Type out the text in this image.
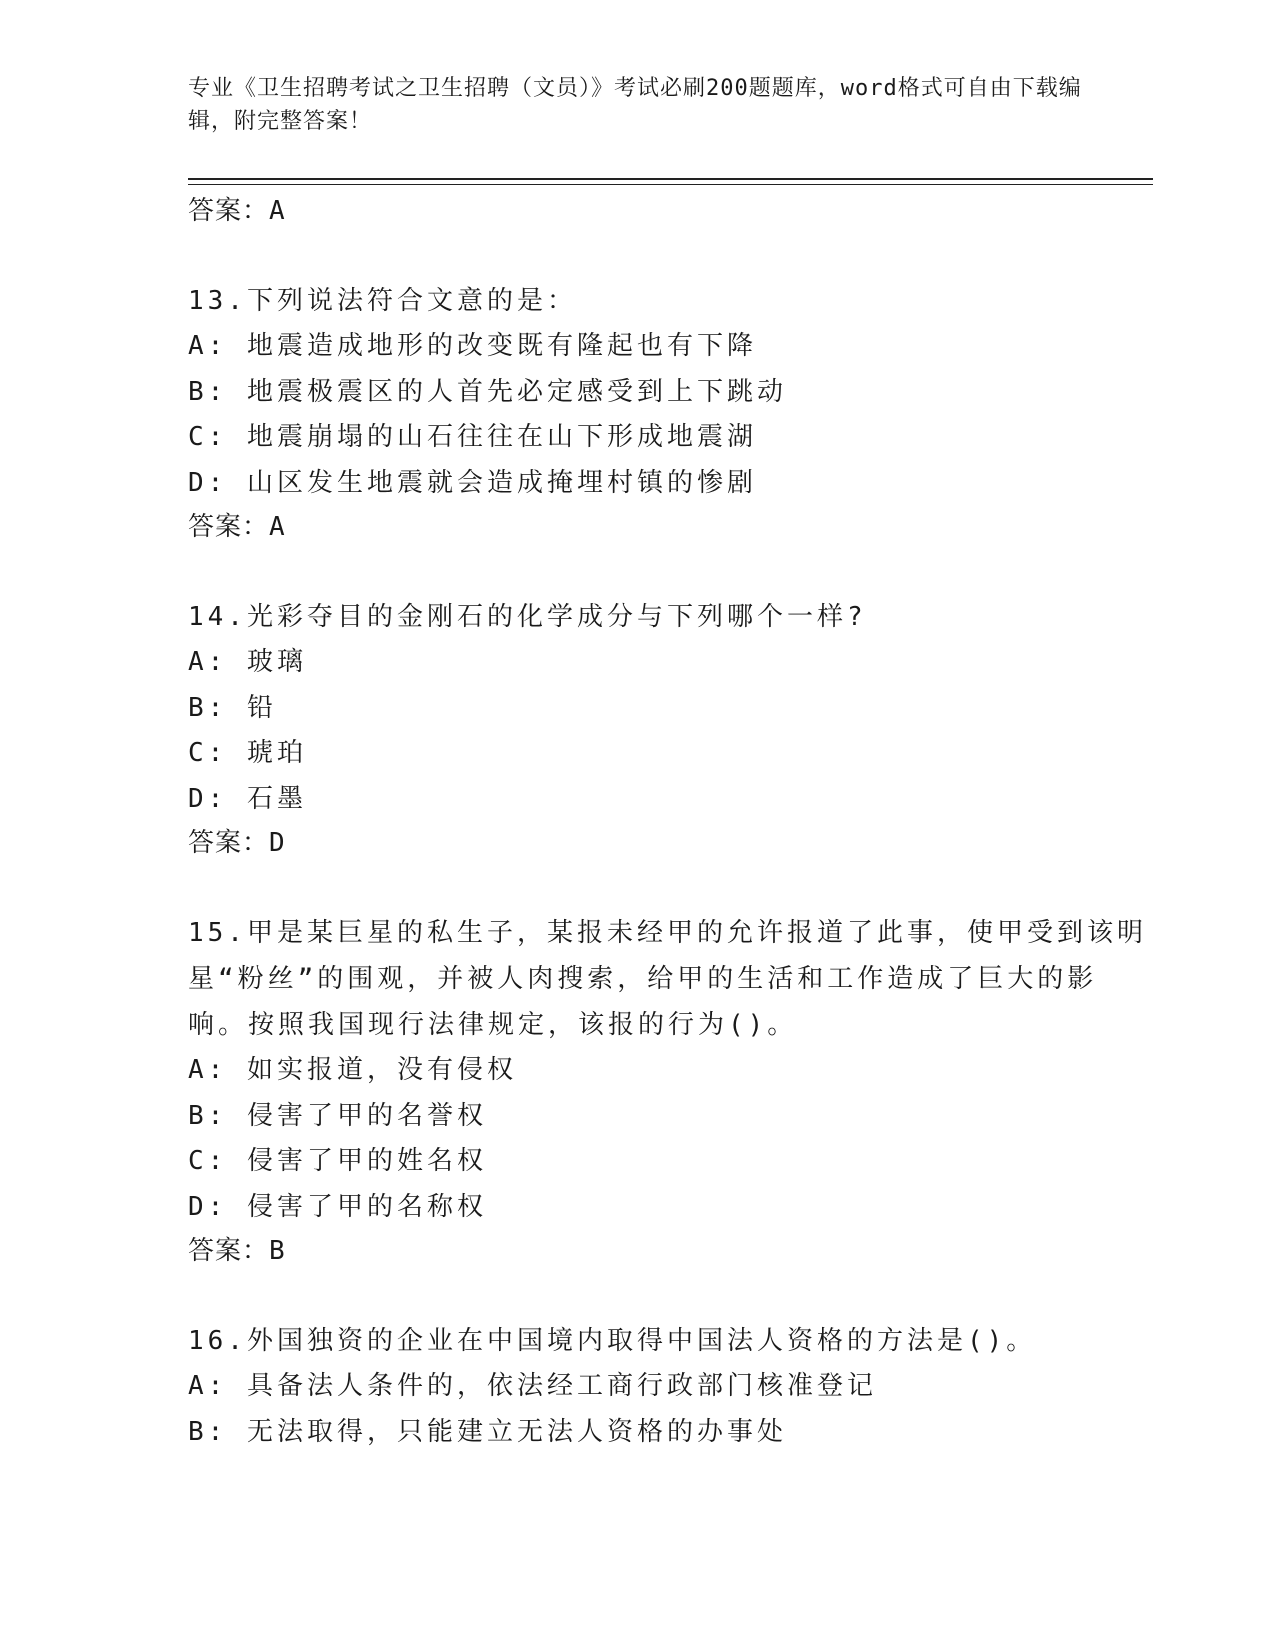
专业《卫生招聘考试之卫生招聘（文员）》考试必刷200题题库，word格式可自由下载编辑，附完整答案！
答案：A
13.下列说法符合文意的是：
A: 地震造成地形的改变既有隆起也有下降
B: 地震极震区的人首先必定感受到上下跳动
C: 地震崩塌的山石往往在山下形成地震湖
D: 山区发生地震就会造成掩埋村镇的惨剧
答案：A
14.光彩夺目的金刚石的化学成分与下列哪个一样?
A: 玻璃
B: 铅
C: 琥珀
D: 石墨
答案：D
15.甲是某巨星的私生子，某报未经甲的允许报道了此事，使甲受到该明星“粉丝”的围观，并被人肉搜索，给甲的生活和工作造成了巨大的影响。按照我国现行法律规定，该报的行为()。
A: 如实报道，没有侵权
B: 侵害了甲的名誉权
C: 侵害了甲的姓名权
D: 侵害了甲的名称权
答案：B
16.外国独资的企业在中国境内取得中国法人资格的方法是()。
A: 具备法人条件的，依法经工商行政部门核准登记
B: 无法取得，只能建立无法人资格的办事处
